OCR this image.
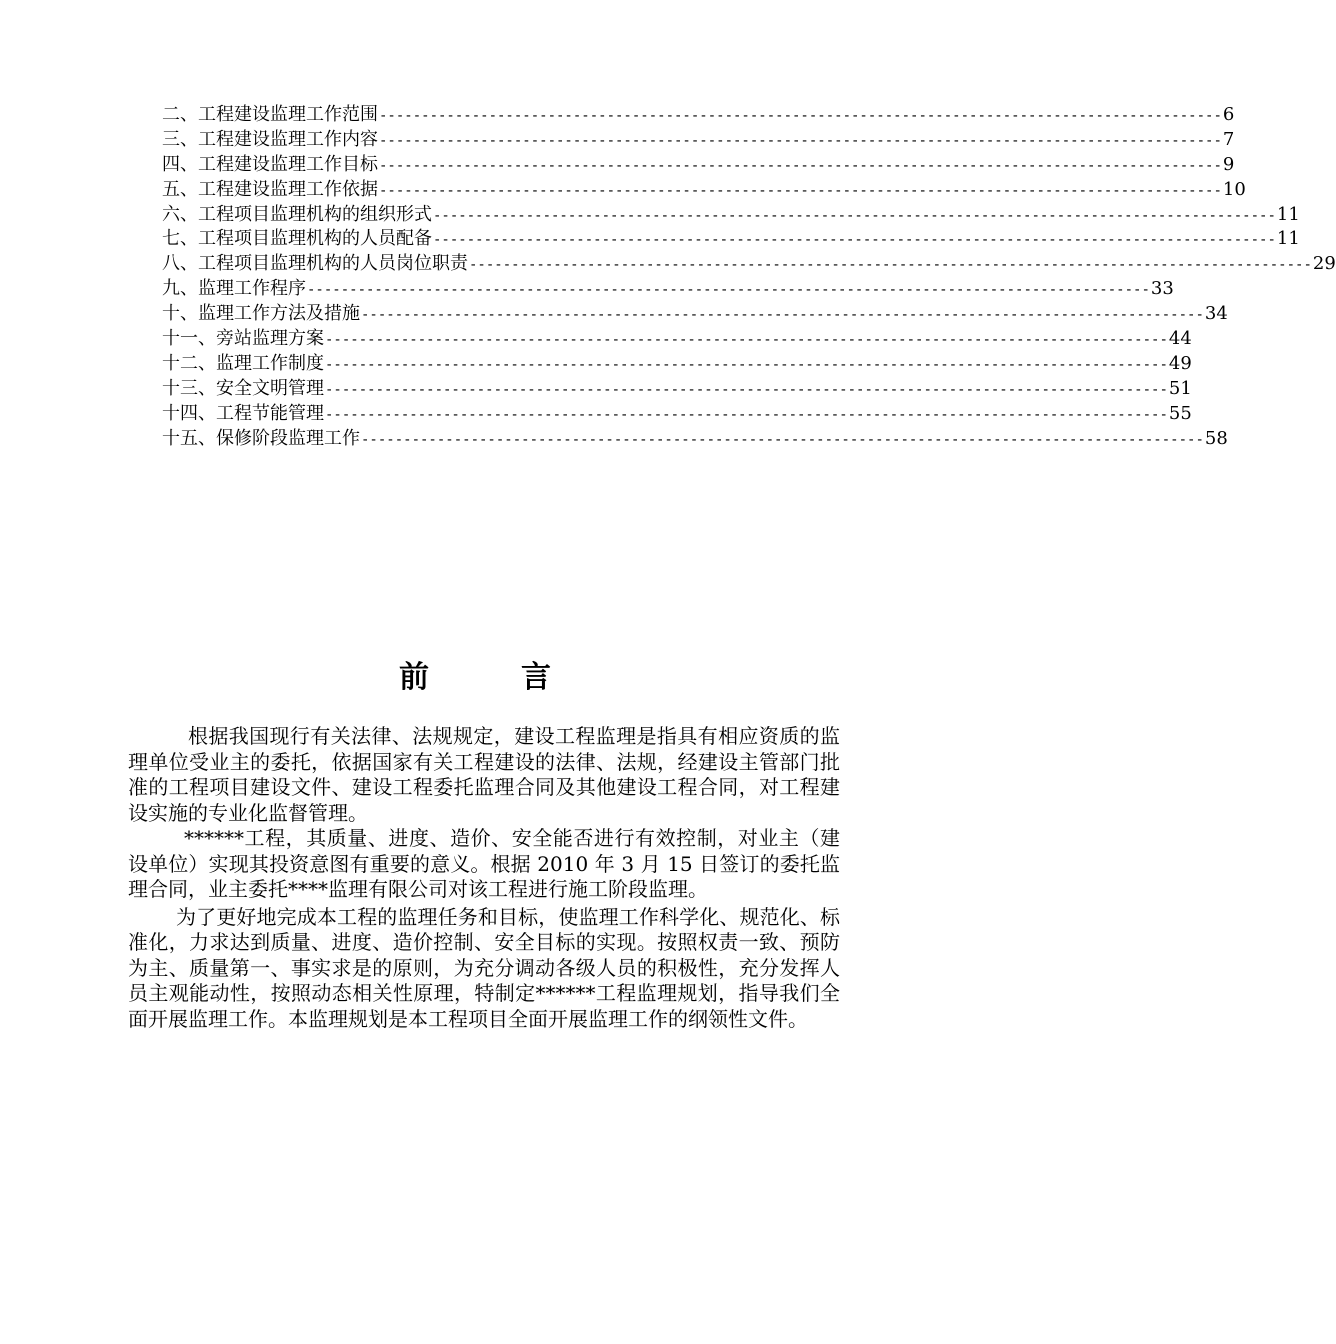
二、工程建设监理工作范围 ---------------------------------------------------------------------------------------------------- 6
三、工程建设监理工作内容 ---------------------------------------------------------------------------------------------------- 7
四、工程建设监理工作目标 ---------------------------------------------------------------------------------------------------- 9
五、工程建设监理工作依据 ---------------------------------------------------------------------------------------------------- 10
六、工程项目监理机构的组织形式 ---------------------------------------------------------------------------------------------------- 11
七、工程项目监理机构的人员配备 ---------------------------------------------------------------------------------------------------- 11
八、工程项目监理机构的人员岗位职责 ---------------------------------------------------------------------------------------------------- 29
九、监理工作程序 ---------------------------------------------------------------------------------------------------- 33
十、监理工作方法及措施 ---------------------------------------------------------------------------------------------------- 34
十一、旁站监理方案 ---------------------------------------------------------------------------------------------------- 44
十二、监理工作制度 ---------------------------------------------------------------------------------------------------- 49
十三、安全文明管理 ---------------------------------------------------------------------------------------------------- 51
十四、工程节能管理 ---------------------------------------------------------------------------------------------------- 55
十五、保修阶段监理工作 ---------------------------------------------------------------------------------------------------- 58
前	言

根据我国现行有关法律、法规规定，建设工程监理是指具有相应资质的监理单位受业主的委托，依据国家有关工程建设的法律、法规，经建设主管部门批准的工程项目建设文件、建设工程委托监理合同及其他建设工程合同，对工程建设实施的专业化监督管理。

******工程，其质量、进度、造价、安全能否进行有效控制，对业主（建设单位）实现其投资意图有重要的意义。根据 2010 年 3 月 15 日签订的委托监理合同，业主委托****监理有限公司对该工程进行施工阶段监理。

为了更好地完成本工程的监理任务和目标，使监理工作科学化、规范化、标准化，力求达到质量、进度、造价控制、安全目标的实现。按照权责一致、预防为主、质量第一、事实求是的原则，为充分调动各级人员的积极性，充分发挥人员主观能动性，按照动态相关性原理，特制定******工程监理规划，指导我们全面开展监理工作。本监理规划是本工程项目全面开展监理工作的纲领性文件。
